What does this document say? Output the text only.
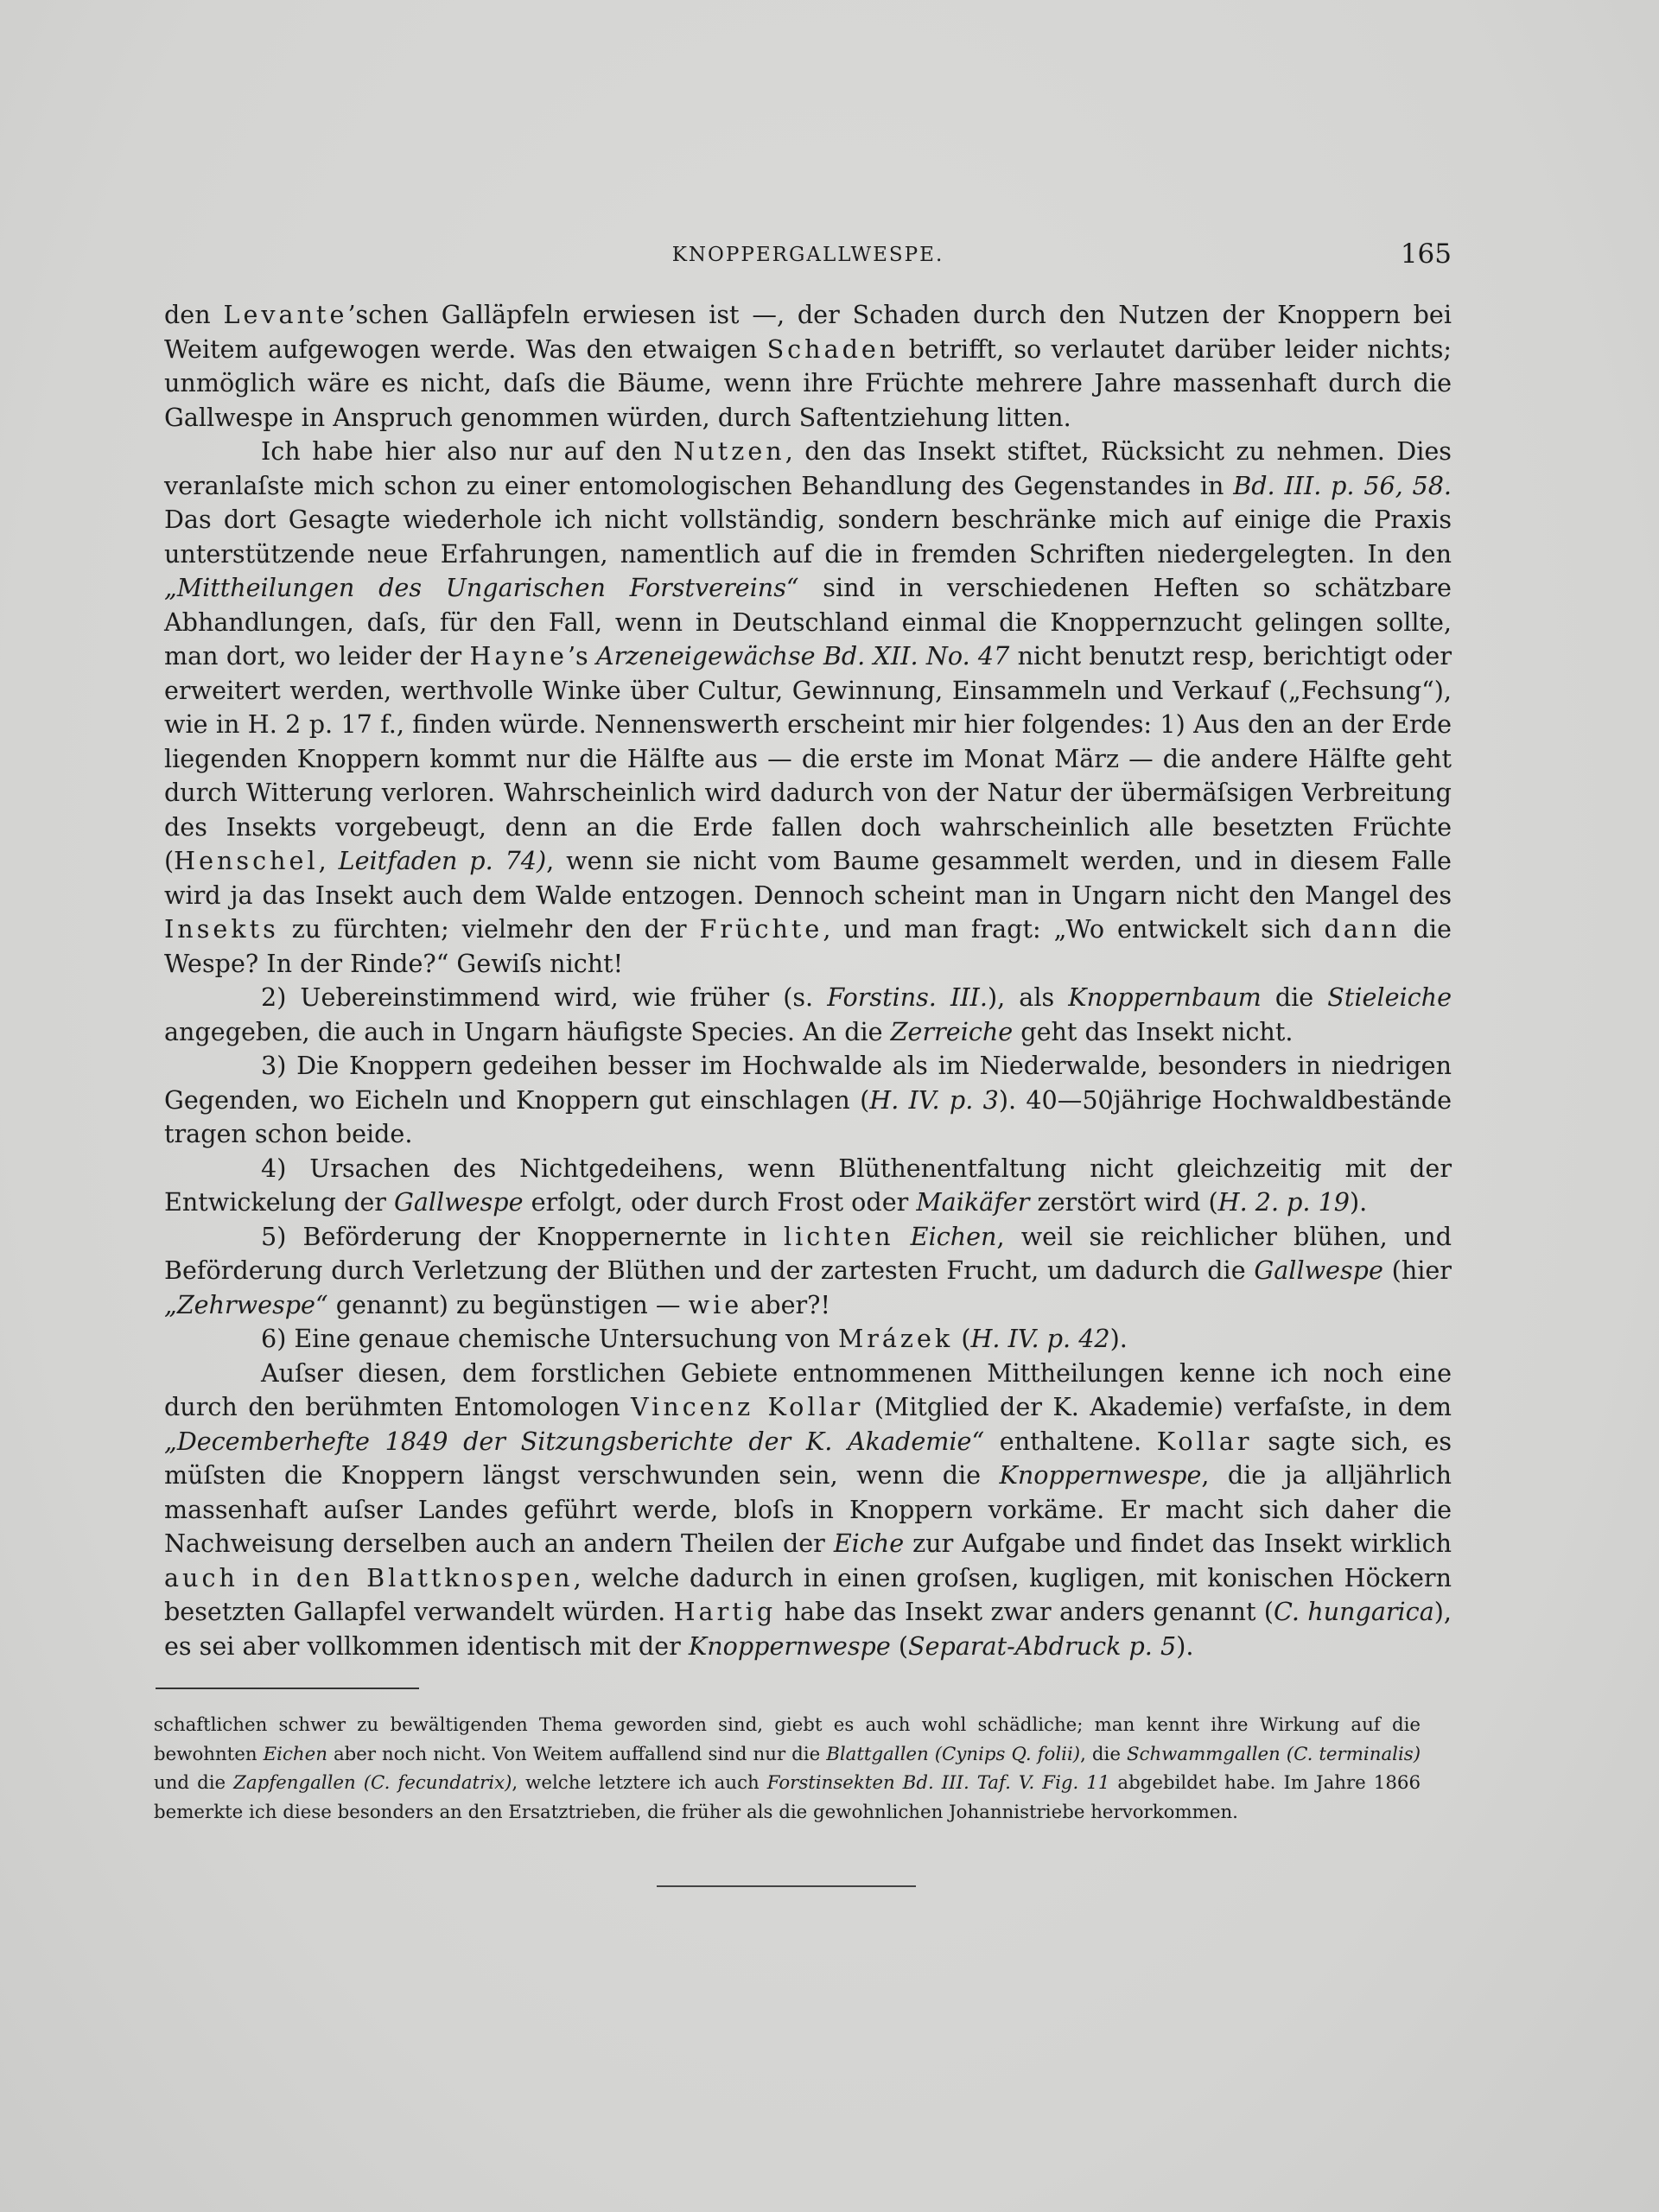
KNOPPERGALLWESPE.	165

den Levante’schen Galläpfeln erwiesen ist —, der Schaden durch den Nutzen der Knoppern bei Weitem aufgewogen werde. Was den etwaigen Schaden betrifft, so verlautet darüber leider nichts; unmöglich wäre es nicht, daſs die Bäume, wenn ihre Früchte mehrere Jahre massenhaft durch die Gallwespe in Anspruch genommen würden, durch Saftentziehung litten.

Ich habe hier also nur auf den Nutzen, den das Insekt stiftet, Rücksicht zu nehmen. Dies veranlaſste mich schon zu einer entomologischen Behandlung des Gegenstandes in Bd. III. p. 56, 58. Das dort Gesagte wiederhole ich nicht vollständig, sondern beschränke mich auf einige die Praxis unterstützende neue Erfahrungen, namentlich auf die in fremden Schriften niedergelegten. In den „Mittheilungen des Ungarischen Forstvereins“ sind in verschiedenen Heften so schätzbare Abhandlungen, daſs, für den Fall, wenn in Deutschland einmal die Knoppernzucht gelingen sollte, man dort, wo leider der Hayne’s Arzeneigewächse Bd. XII. No. 47 nicht benutzt resp, berichtigt oder erweitert werden, werthvolle Winke über Cultur, Gewinnung, Einsammeln und Verkauf („Fechsung“), wie in H. 2 p. 17 f., finden würde. Nennenswerth erscheint mir hier folgendes: 1) Aus den an der Erde liegenden Knoppern kommt nur die Hälfte aus — die erste im Monat März — die andere Hälfte geht durch Witterung verloren. Wahrscheinlich wird dadurch von der Natur der übermäſsigen Verbreitung des Insekts vorgebeugt, denn an die Erde fallen doch wahrscheinlich alle besetzten Früchte (Henschel, Leitfaden p. 74), wenn sie nicht vom Baume gesammelt werden, und in diesem Falle wird ja das Insekt auch dem Walde entzogen. Dennoch scheint man in Ungarn nicht den Mangel des Insekts zu fürchten; vielmehr den der Früchte, und man fragt: „Wo entwickelt sich dann die Wespe? In der Rinde?“ Gewiſs nicht!

2) Uebereinstimmend wird, wie früher (s. Forstins. III.), als Knoppernbaum die Stieleiche angegeben, die auch in Ungarn häufigste Species. An die Zerreiche geht das Insekt nicht.

3) Die Knoppern gedeihen besser im Hochwalde als im Niederwalde, besonders in niedrigen Gegenden, wo Eicheln und Knoppern gut einschlagen (H. IV. p. 3). 40—50jährige Hochwaldbestände tragen schon beide.

4) Ursachen des Nichtgedeihens, wenn Blüthenentfaltung nicht gleichzeitig mit der Entwickelung der Gallwespe erfolgt, oder durch Frost oder Maikäfer zerstört wird (H. 2. p. 19).

5) Beförderung der Knoppernernte in lichten Eichen, weil sie reichlicher blühen, und Beförderung durch Verletzung der Blüthen und der zartesten Frucht, um dadurch die Gallwespe (hier „Zehrwespe“ genannt) zu begünstigen — wie aber?!

6) Eine genaue chemische Untersuchung von Mrázek (H. IV. p. 42).

Auſser diesen, dem forstlichen Gebiete entnommenen Mittheilungen kenne ich noch eine durch den berühmten Entomologen Vincenz Kollar (Mitglied der K. Akademie) verfaſste, in dem „Decemberhefte 1849 der Sitzungsberichte der K. Akademie“ enthaltene. Kollar sagte sich, es müſsten die Knoppern längst verschwunden sein, wenn die Knoppernwespe, die ja alljährlich massenhaft auſser Landes geführt werde, bloſs in Knoppern vorkäme. Er macht sich daher die Nachweisung derselben auch an andern Theilen der Eiche zur Aufgabe und findet das Insekt wirklich auch in den Blattknospen, welche dadurch in einen groſsen, kugligen, mit konischen Höckern besetzten Gallapfel verwandelt würden. Hartig habe das Insekt zwar anders genannt (C. hungarica), es sei aber vollkommen identisch mit der Knoppernwespe (Separat-Abdruck p. 5).

schaftlichen schwer zu bewältigenden Thema geworden sind, giebt es auch wohl schädliche; man kennt ihre Wirkung auf die bewohnten Eichen aber noch nicht. Von Weitem auffallend sind nur die Blattgallen (Cynips Q. folii), die Schwammgallen (C. terminalis) und die Zapfengallen (C. fecundatrix), welche letztere ich auch Forstinsekten Bd. III. Taf. V. Fig. 11 abgebildet habe. Im Jahre 1866 bemerkte ich diese besonders an den Ersatztrieben, die früher als die gewohnlichen Johannistriebe hervorkommen.
